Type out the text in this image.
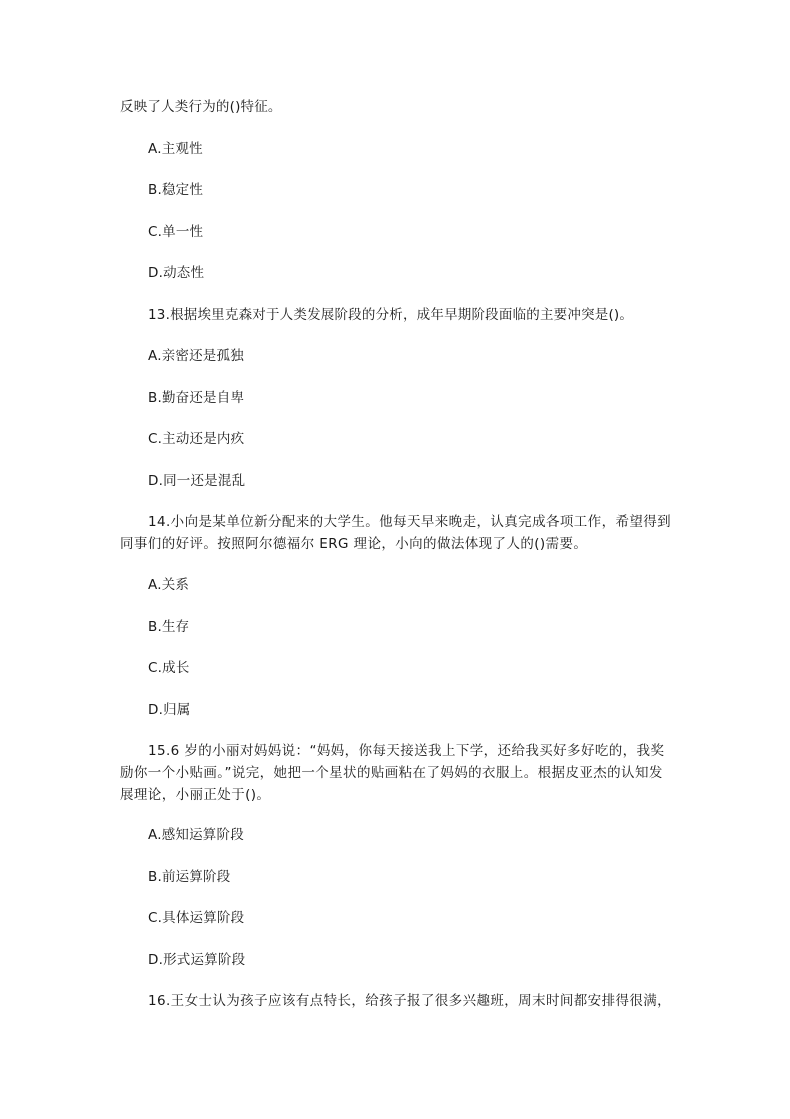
反映了人类行为的()特征。
A.主观性
B.稳定性
C.单一性
D.动态性
13.根据埃里克森对于人类发展阶段的分析，成年早期阶段面临的主要冲突是()。
A.亲密还是孤独
B.勤奋还是自卑
C.主动还是内疚
D.同一还是混乱
14.小向是某单位新分配来的大学生。他每天早来晚走，认真完成各项工作，希望得到同事们的好评。按照阿尔德福尔 ERG 理论，小向的做法体现了人的()需要。
A.关系
B.生存
C.成长
D.归属
15.6 岁的小丽对妈妈说：“妈妈，你每天接送我上下学，还给我买好多好吃的，我奖励你一个小贴画。”说完，她把一个星状的贴画粘在了妈妈的衣服上。根据皮亚杰的认知发展理论，小丽正处于()。
A.感知运算阶段
B.前运算阶段
C.具体运算阶段
D.形式运算阶段
16.王女士认为孩子应该有点特长，给孩子报了很多兴趣班，周末时间都安排得很满，
